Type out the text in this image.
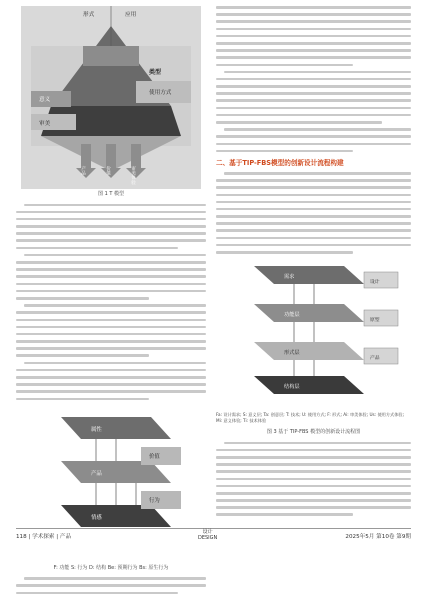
形式	应用
类型
意义
使用方式
审美
产品	价值	审美体验
图 1 T 模型
属性
价值
产品
行为
情感
F: 功能 S: 行为 D: 结构 Be: 预期行为 Bs: 原生行为
二、基于TIP-FBS模型的创新设计流程构建
需求
功能层
形式层
结构层
设计
原型
产品
Fa: 设计需求; S: 意义层; Ta: 创意层; T: 技术; U: 使用方式; F: 形式; Ai: 审美体验; Us: 使用方式体验; Mi: 意义体验; Ti: 技术体验
图 3 基于 TIP-FBS 模型的创新设计流程图
118 | 学术探索 | 产品
设计
DESIGN	2025年5月 第10卷 第9期
